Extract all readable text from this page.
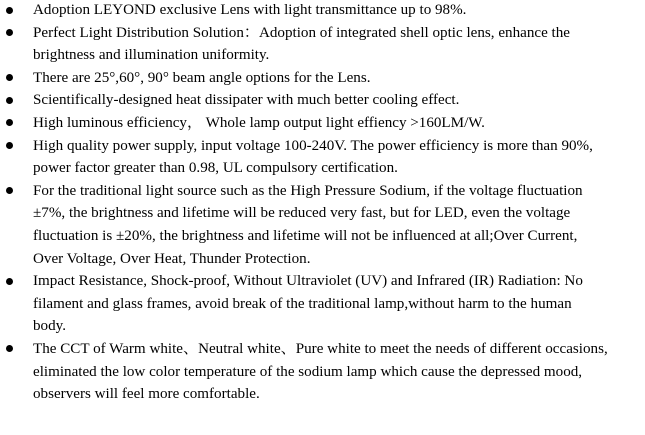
Adoption LEYOND exclusive Lens with light transmittance up to 98%.
Perfect Light Distribution Solution：Adoption of integrated shell optic lens, enhance the
brightness and illumination uniformity.
There are 25°,60°, 90° beam angle options for the Lens.
Scientifically-designed heat dissipater with much better cooling effect.
High luminous efficiency， Whole lamp output light effiency >160LM/W.
High quality power supply, input voltage 100-240V. The power efficiency is more than 90%,
power factor greater than 0.98, UL compulsory certification.
For the traditional light source such as the High Pressure Sodium, if the voltage fluctuation
±7%, the brightness and lifetime will be reduced very fast, but for LED, even the voltage
fluctuation is ±20%, the brightness and lifetime will not be influenced at all;Over Current,
Over Voltage, Over Heat, Thunder Protection.
Impact Resistance, Shock-proof, Without Ultraviolet (UV) and Infrared (IR) Radiation: No
filament and glass frames, avoid break of the traditional lamp,without harm to the human
body.
The CCT of Warm white、Neutral white、Pure white to meet the needs of different occasions,
eliminated the low color temperature of the sodium lamp which cause the depressed mood,
observers will feel more comfortable.
